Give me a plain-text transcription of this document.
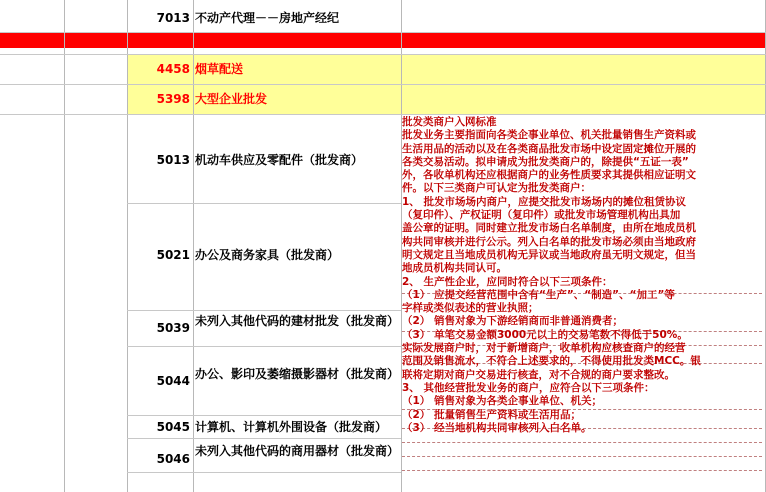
7013 不动产代理－－房地产经纪
4458 烟草配送
5398 大型企业批发
5013 机动车供应及零配件（批发商）
5021 办公及商务家具（批发商）
5039 未列入其他代码的建材批发（批发商）
5044 办公、影印及萎缩摄影器材（批发商）
5045 计算机、计算机外围设备（批发商）
5046
未列入其他代码的商用器材（批发商）
批发类商户入网标准
批发业务主要指面向各类企事业单位、机关批量销售生产资料或
生活用品的活动以及在各类商品批发市场中设定固定摊位开展的
各类交易活动。拟申请成为批发类商户的，除提供“五证一表”
外，各收单机构还应根据商户的业务性质要求其提供相应证明文
件。以下三类商户可认定为批发类商户：
1、 批发市场场内商户，应提交批发市场场内的摊位租赁协议
（复印件）、产权证明（复印件）或批发市场管理机构出具加
盖公章的证明。同时建立批发市场白名单制度，由所在地成员机
构共同审核并进行公示。列入白名单的批发市场必须由当地政府
明文规定且当地成员机构无异议或当地政府虽无明文规定，但当
地成员机构共同认可。
2、 生产性企业，应同时符合以下三项条件：
（1） 应提交经营范围中含有“生产”、“制造”、“加工”等
字样或类似表述的营业执照；
（2） 销售对象为下游经销商而非普通消费者；
（3） 单笔交易金额3000元以上的交易笔数不得低于50%。
实际发展商户时，对于新增商户，收单机构应核查商户的经营
范围及销售流水，不符合上述要求的，不得使用批发类MCC。银
联将定期对商户交易进行核查，对不合规的商户要求整改。
3、 其他经营批发业务的商户，应符合以下三项条件：
（1） 销售对象为各类企事业单位、机关；
（2） 批量销售生产资料或生活用品；
（3） 经当地机构共同审核列入白名单。
